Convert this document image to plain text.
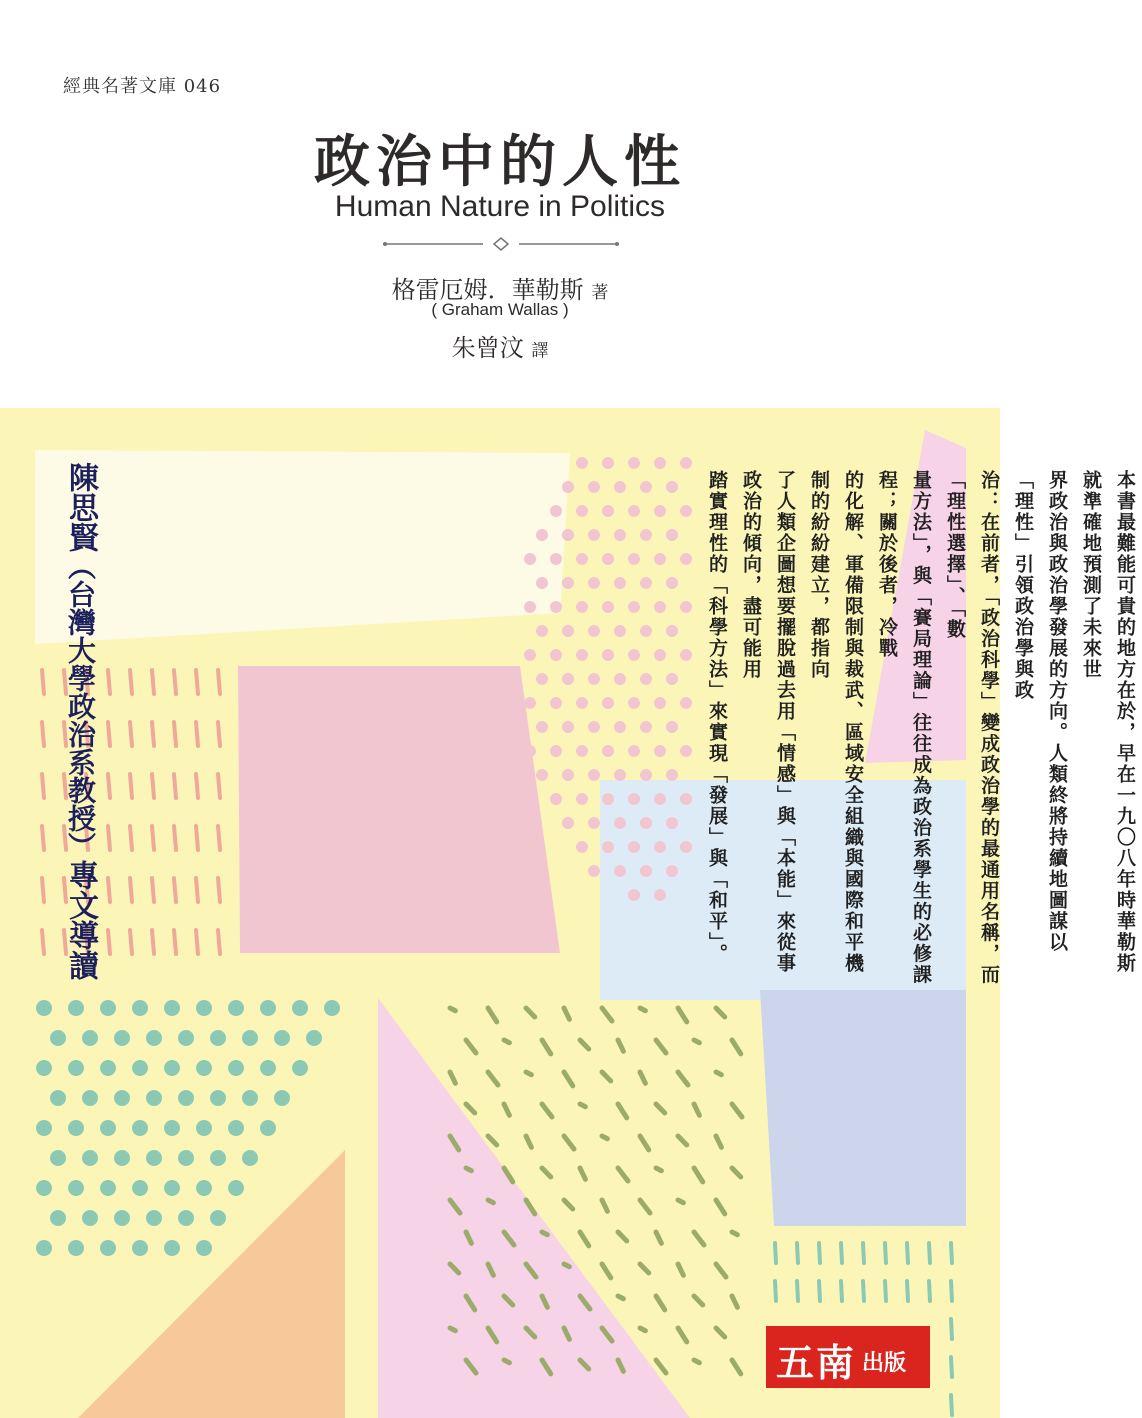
經典名著文庫 046
政治中的人性
Human Nature in Politics
格雷厄姆．華勒斯 著
( Graham Wallas )
朱曾汶 譯
陳思賢（台灣大學政治系教授）專文導讀	本書最難能可貴的地方在於，早在一九〇八年時華勒斯就準確地預測了未來世
界政治與政治學發展的方向。人類終將持續地圖謀以「理性」引領政治學與政
治：在前者，「政治科學」變成政治學的最通用名稱，而「理性選擇」、「數
量方法」，與「賽局理論」往往成為政治系學生的必修課程；關於後者，冷戰
的化解、軍備限制與裁武、區域安全組織與國際和平機制的紛紛建立，都指向
了人類企圖想要擺脫過去用「情感」與「本能」來從事政治的傾向，盡可能用
踏實理性的「科學方法」來實現「發展」與「和平」。
五南 出版
